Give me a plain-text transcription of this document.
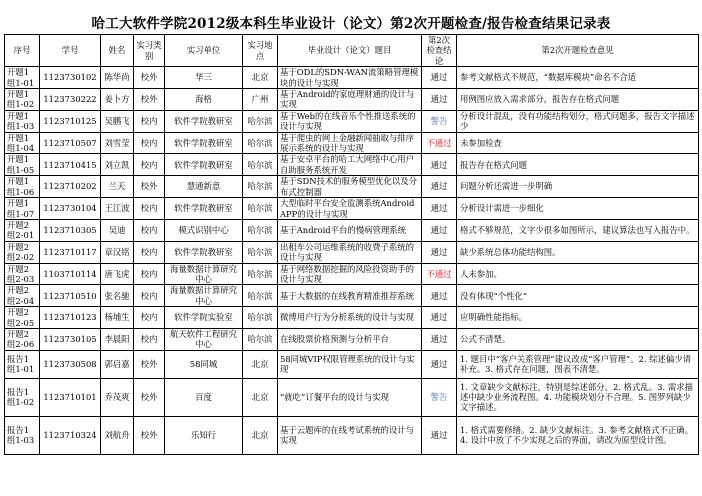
哈工大软件学院2012级本科生毕业设计（论文）第2次开题检查/报告检查结果记录表
序号	学号	姓名	实习类别	实习单位	实习地点	毕业设计（论文）题目	第2次检查结论	第2次开题检查意见
开题1组1-01	1123730102	陈华尚	校外	华三	北京	基于ODL的SDN-WAN流策略管理模块的设计与实现	通过	参考文献格式不规范，“数据库模块”命名不合适
开题1组1-02	1123730222	姜卜方	校外	海格	广州	基于Android的家庭理财通的设计与实现	通过	用例图应放入需求部分，报告存在格式问题
开题1组1-03	1123710125	吴鹏飞	校内	软件学院教研室	哈尔滨	基于Web的在线音乐个性推送系统的设计与实现	警告	分析设计混乱，没有功能结构划分，格式问题多，报告文字描述少
开题1组1-04	1123710507	刘雪莹	校内	软件学院教研室	哈尔滨	基于爬虫的网上金融新闻抽取与排序展示系统的设计与实现	不通过	未参加检查
开题1组1-05	1123710415	刘立凯	校内	软件学院教研室	哈尔滨	基于安卓平台的哈工大网络中心用户自助服务系统开发	通过	报告存在格式问题
开题1组1-06	1123710202	兰天	校外	慧通新意	哈尔滨	基于SDN技术的服务模型优化以及分布式控制器	通过	问题分析还需进一步明确
开题1组1-07	1123730104	王江波	校内	软件学院教研室	哈尔滨	大型临时平台安全监测系统Android APP的设计与实现	通过	分析设计需进一步细化
开题2组2-01	1123710305	吴迪	校内	模式识别中心	哈尔滨	基于Android平台的慢病管理系统	通过	格式不够规范，文字少很多如图所示，建议算法也写入报告中。
开题2组2-02	1123710117	章汉铭	校内	软件学院教研室	哈尔滨	出租车公司运维系统的收费子系统的设计与实现	通过	缺少系统总体功能结构图。
开题2组2-03	1103710114	唐飞虎	校内	海量数据计算研究中心	哈尔滨	基于网络数据挖掘的风险投资助手的设计与实现	不通过	人未参加。
开题2组2-04	1123710510	张名驰	校内	海量数据计算研究中心	哈尔滨	基于大数据的在线教育精准推荐系统	通过	没有体现“个性化”
开题2组2-05	1123710123	杨埔生	校内	软件学院实验室	哈尔滨	微博用户行为分析系统的设计与实现	通过	应明确性能指标。
开题2组2-06	1123730105	李晨阳	校内	航天软件工程研究中心	哈尔滨	在线股票价格预测与分析平台	通过	公式不清楚。
报告1组1-01	1123730508	郭启嘉	校外	58同城	北京	58同城VIP权限管理系统的设计与实现	通过	1. 题目中“客户关系管理”建议改成“客户管理”。2. 综述偏少请补充。3. 格式存在问题，图表不清楚。
报告1组1-02	1123710101	乔茂爽	校外	百度	北京	“就吃”订餐平台的设计与实现	警告	1. 文章缺少文献标注，特别是综述部分。2. 格式乱。3. 需求描述中缺少业务流程图。4. 功能模块划分不合理。5. 图罗列缺少文字描述。
报告1组1-03	1123710324	刘航舟	校外	乐知行	北京	基于云题库的在线考试系统的设计与实现	通过	1. 格式需要修缮。2. 缺少文献标注。3. 参考文献格式不正确。4. 设计中放了不少实现之后的界面，请改为原型设计图。
